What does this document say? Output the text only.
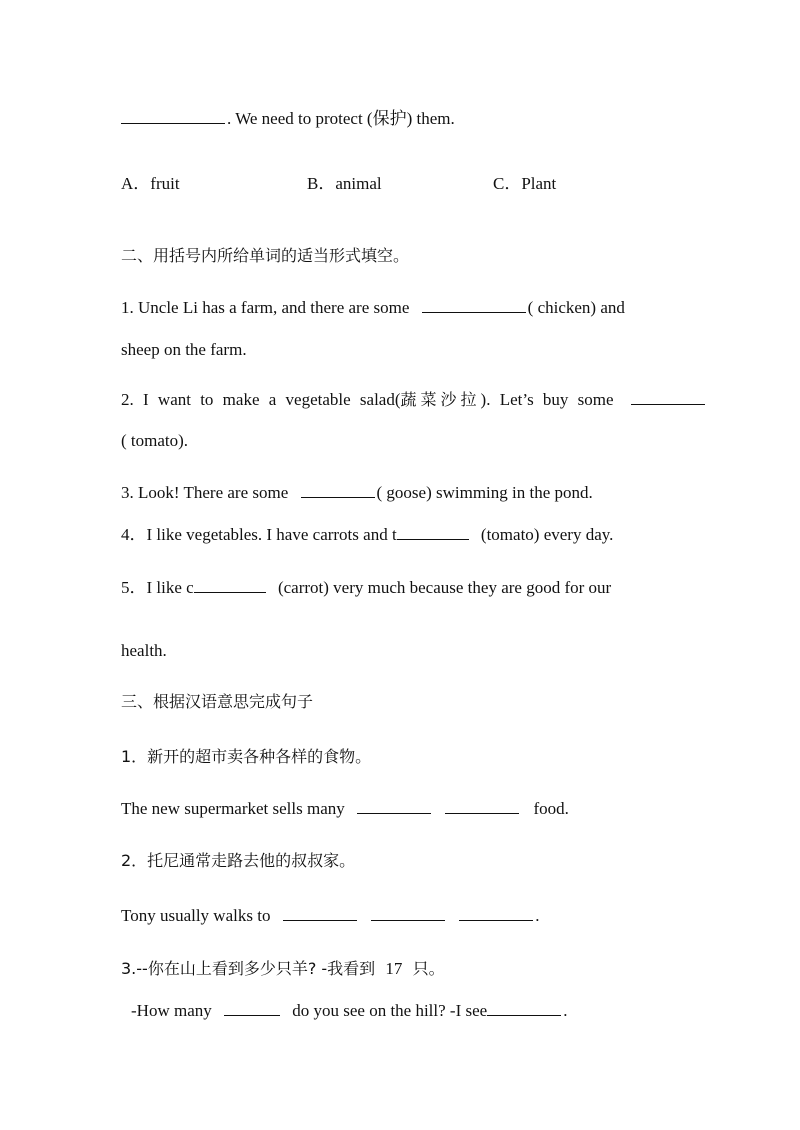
. We need to protect (保护) them.
A．fruit	B．animal	C．Plant
二、用括号内所给单词的适当形式填空。
1. Uncle Li has a farm, and there are some	( chicken) and
sheep on the farm.
2. I want to make a vegetable salad(蔬菜沙拉). Let’s buy some
( tomato).
3. Look! There are some	( goose) swimming in the pond.
4．I like vegetables. I have carrots and t	(tomato) every day.
5．I like c	(carrot) very much because they are good for our
health.
三、根据汉语意思完成句子
1．新开的超市卖各种各样的食物。
The new supermarket sells many	food.
2．托尼通常走路去他的叔叔家。
Tony usually walks to	.
3.--你在山上看到多少只羊? -我看到 17 只。
-How many	do you see on the hill? -I see	.
